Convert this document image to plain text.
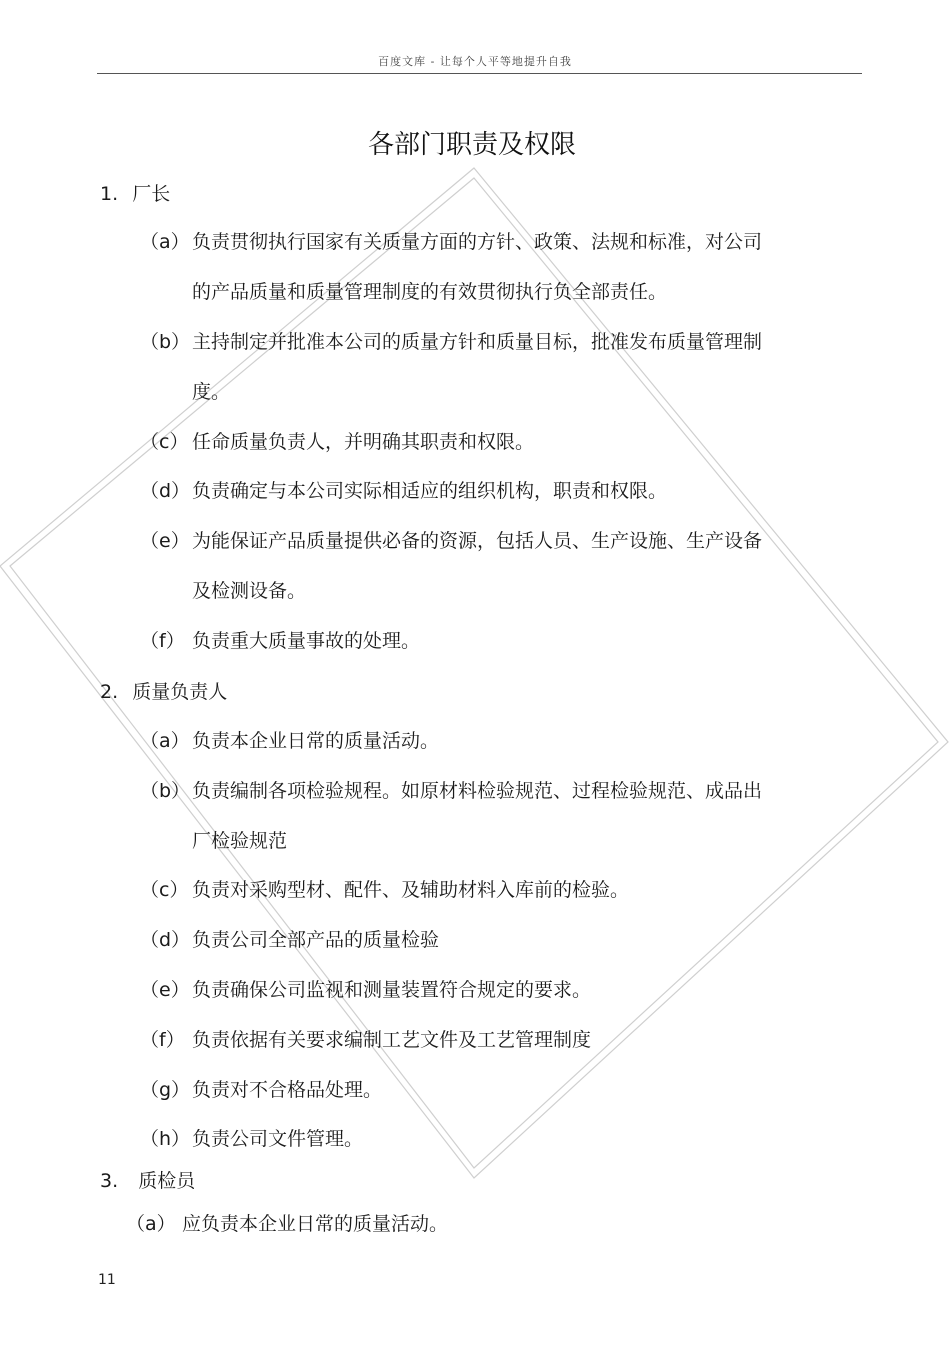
百度文库 - 让每个人平等地提升自我
各部门职责及权限
1. 厂长
（a） 负责贯彻执行国家有关质量方面的方针、政策、法规和标准，对公司
的产品质量和质量管理制度的有效贯彻执行负全部责任。
（b） 主持制定并批准本公司的质量方针和质量目标，批准发布质量管理制
度。
（c） 任命质量负责人，并明确其职责和权限。
（d） 负责确定与本公司实际相适应的组织机构，职责和权限。
（e） 为能保证产品质量提供必备的资源，包括人员、生产设施、生产设备
及检测设备。
（f） 负责重大质量事故的处理。
2. 质量负责人
（a） 负责本企业日常的质量活动。
（b） 负责编制各项检验规程。如原材料检验规范、过程检验规范、成品出
厂检验规范
（c） 负责对采购型材、配件、及辅助材料入库前的检验。
（d） 负责公司全部产品的质量检验
（e） 负责确保公司监视和测量装置符合规定的要求。
（f） 负责依据有关要求编制工艺文件及工艺管理制度
（g） 负责对不合格品处理。
（h） 负责公司文件管理。
3. 质检员
（a） 应负责本企业日常的质量活动。
11
